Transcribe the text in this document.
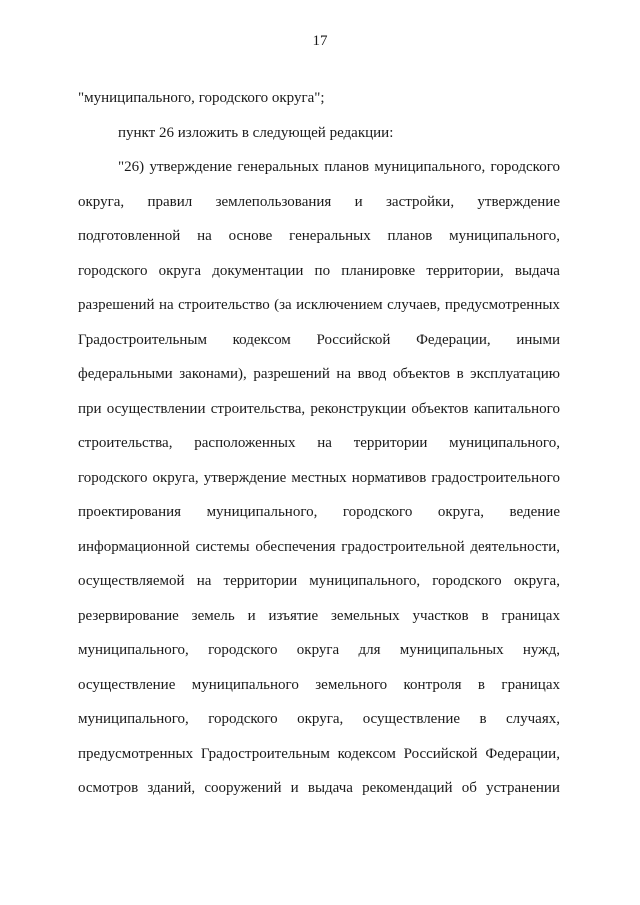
17
"муниципального, городского округа";
пункт 26 изложить в следующей редакции:
"26) утверждение генеральных планов муниципального, городского
округа, правил землепользования и застройки, утверждение
подготовленной на основе генеральных планов муниципального,
городского округа документации по планировке территории, выдача
разрешений на строительство (за исключением случаев, предусмотренных
Градостроительным кодексом Российской Федерации, иными
федеральными законами), разрешений на ввод объектов в эксплуатацию
при осуществлении строительства, реконструкции объектов капитального
строительства, расположенных на территории муниципального,
городского округа, утверждение местных нормативов градостроительного
проектирования муниципального, городского округа, ведение
информационной системы обеспечения градостроительной деятельности,
осуществляемой на территории муниципального, городского округа,
резервирование земель и изъятие земельных участков в границах
муниципального, городского округа для муниципальных нужд,
осуществление муниципального земельного контроля в границах
муниципального, городского округа, осуществление в случаях,
предусмотренных Градостроительным кодексом Российской Федерации,
осмотров зданий, сооружений и выдача рекомендаций об устранении
